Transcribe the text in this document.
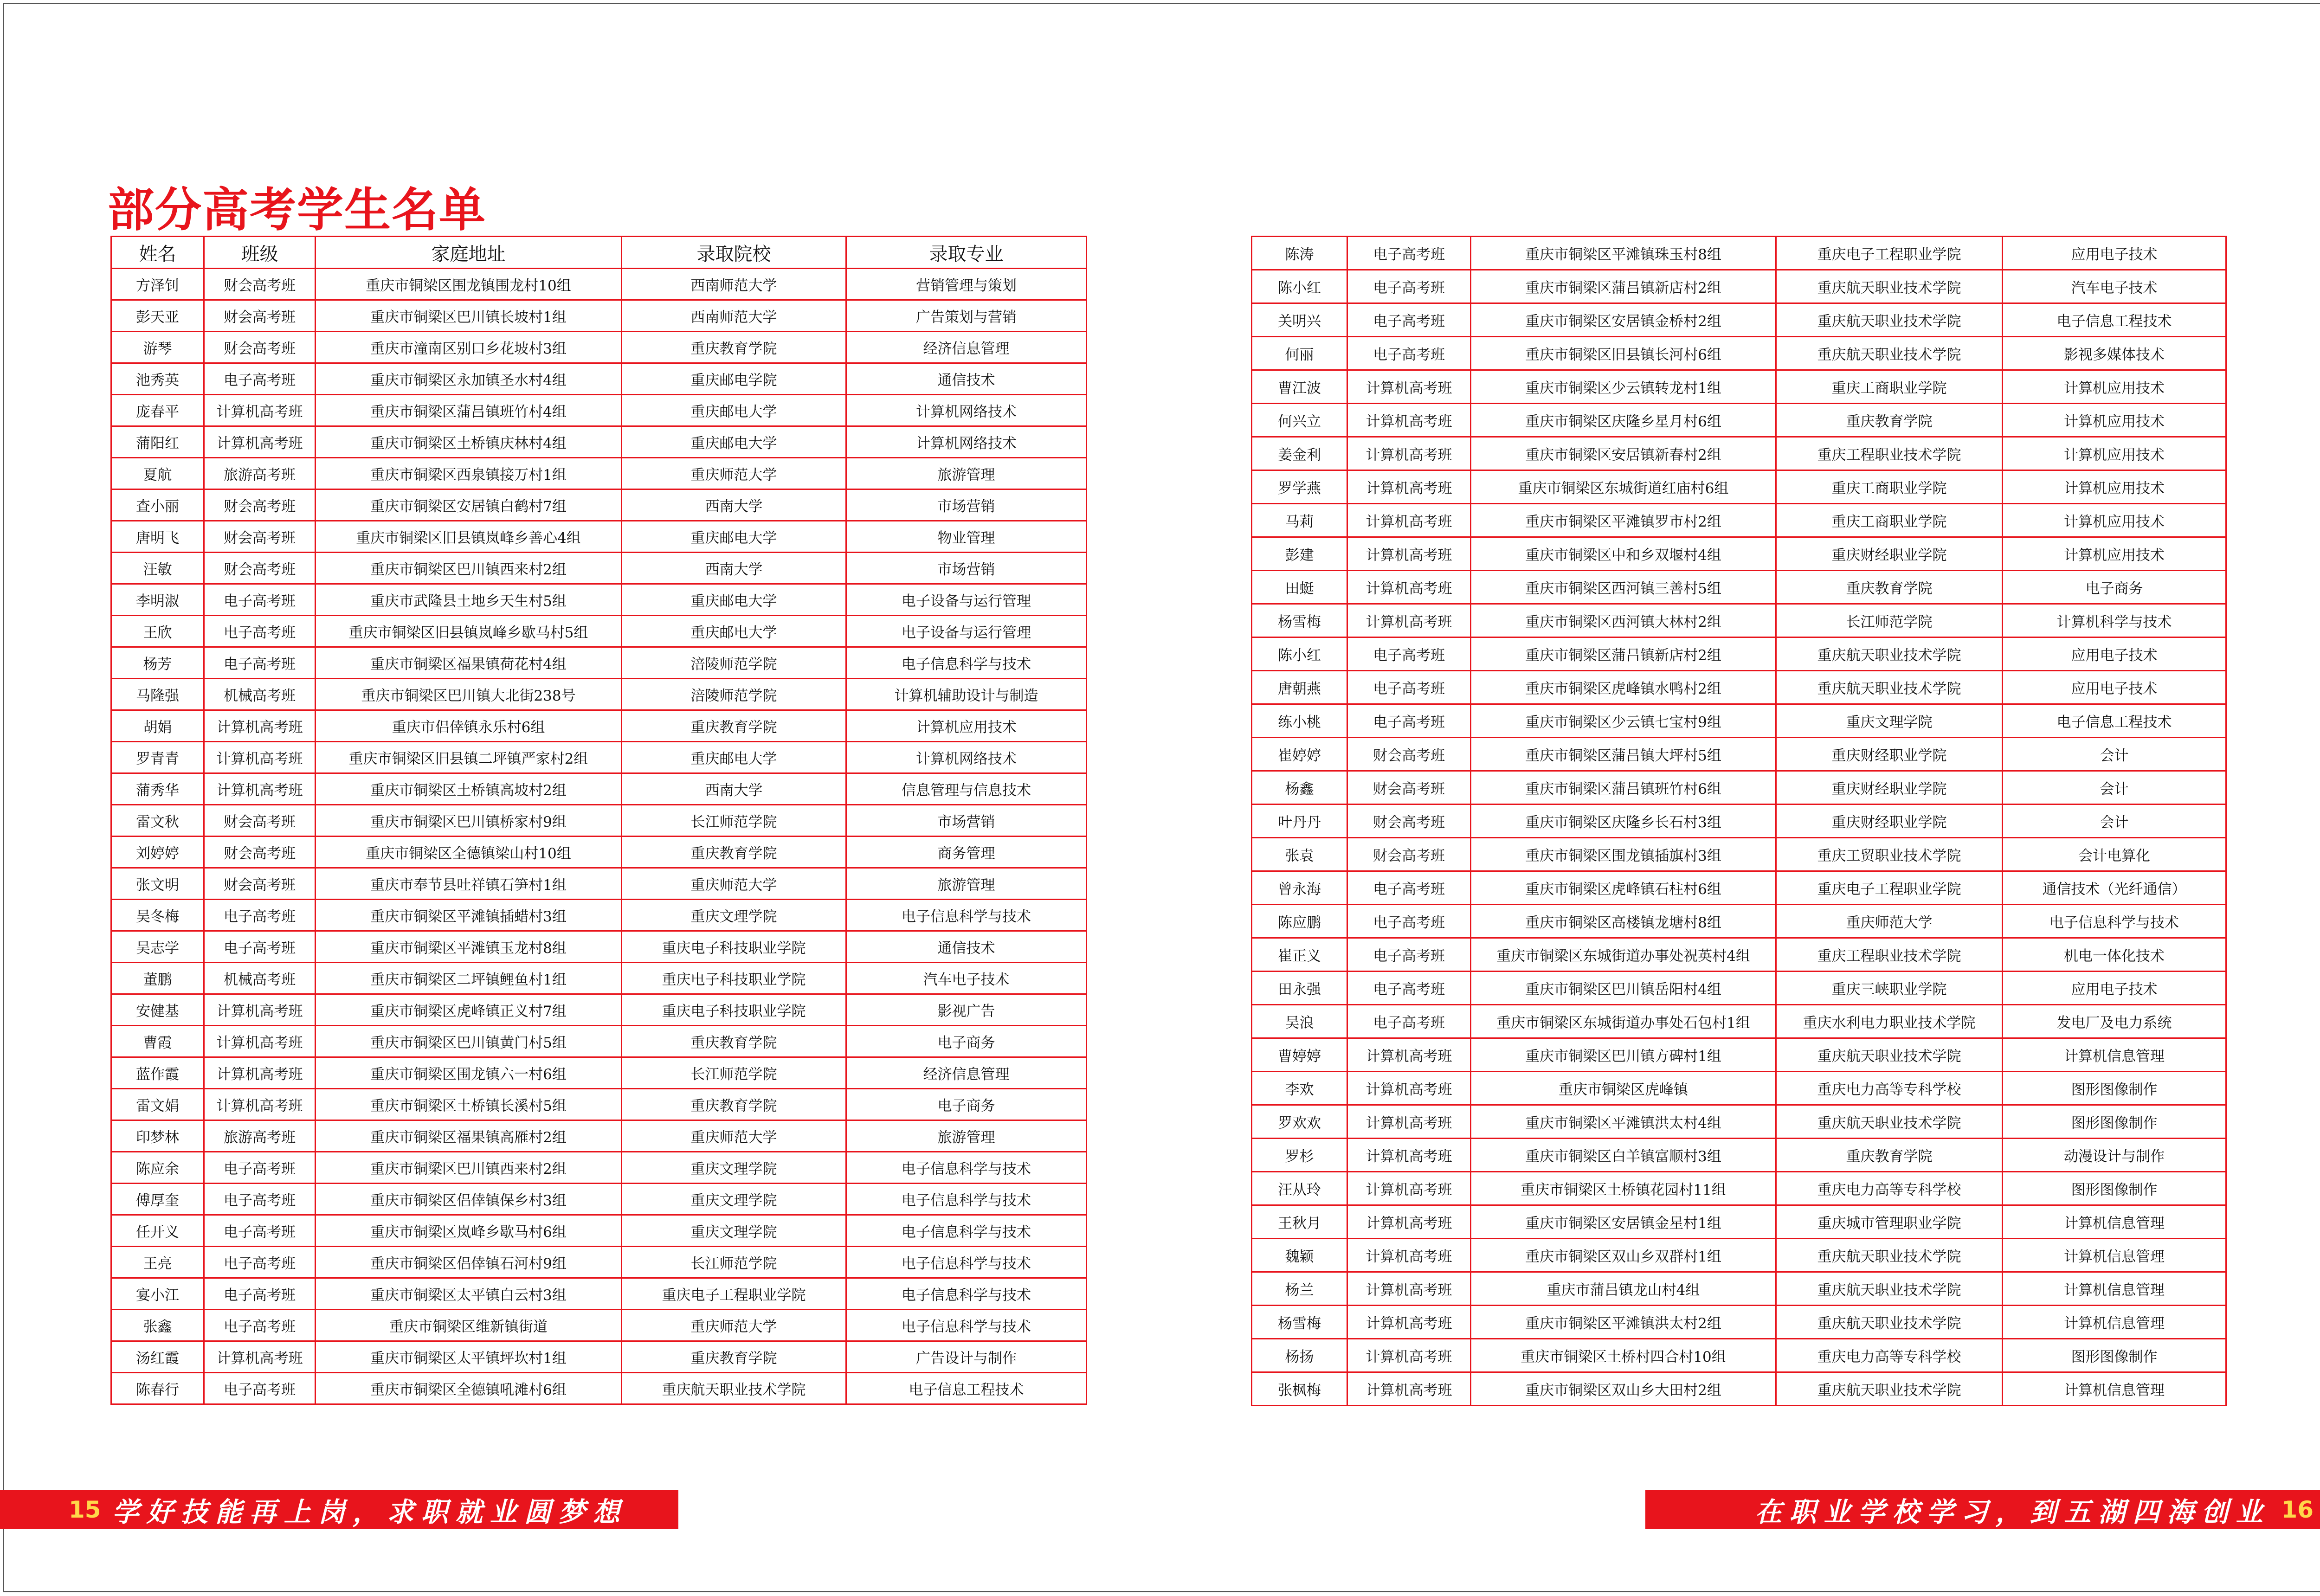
部分高考学生名单
姓名	班级	家庭地址	录取院校	录取专业
方泽钊	财会高考班	重庆市铜梁区围龙镇围龙村10组	西南师范大学	营销管理与策划
彭天亚	财会高考班	重庆市铜梁区巴川镇长坡村1组	西南师范大学	广告策划与营销
游琴	财会高考班	重庆市潼南区别口乡花坡村3组	重庆教育学院	经济信息管理
池秀英	电子高考班	重庆市铜梁区永加镇圣水村4组	重庆邮电学院	通信技术
庞春平	计算机高考班	重庆市铜梁区蒲吕镇班竹村4组	重庆邮电大学	计算机网络技术
蒲阳红	计算机高考班	重庆市铜梁区土桥镇庆林村4组	重庆邮电大学	计算机网络技术
夏航	旅游高考班	重庆市铜梁区西泉镇接万村1组	重庆师范大学	旅游管理
查小丽	财会高考班	重庆市铜梁区安居镇白鹤村7组	西南大学	市场营销
唐明飞	财会高考班	重庆市铜梁区旧县镇岚峰乡善心4组	重庆邮电大学	物业管理
汪敏	财会高考班	重庆市铜梁区巴川镇西来村2组	西南大学	市场营销
李明淑	电子高考班	重庆市武隆县土地乡天生村5组	重庆邮电大学	电子设备与运行管理
王欣	电子高考班	重庆市铜梁区旧县镇岚峰乡歇马村5组	重庆邮电大学	电子设备与运行管理
杨芳	电子高考班	重庆市铜梁区福果镇荷花村4组	涪陵师范学院	电子信息科学与技术
马隆强	机械高考班	重庆市铜梁区巴川镇大北街238号	涪陵师范学院	计算机辅助设计与制造
胡娟	计算机高考班	重庆市侣倖镇永乐村6组	重庆教育学院	计算机应用技术
罗青青	计算机高考班	重庆市铜梁区旧县镇二坪镇严家村2组	重庆邮电大学	计算机网络技术
蒲秀华	计算机高考班	重庆市铜梁区土桥镇高坡村2组	西南大学	信息管理与信息技术
雷文秋	财会高考班	重庆市铜梁区巴川镇桥家村9组	长江师范学院	市场营销
刘婷婷	财会高考班	重庆市铜梁区全德镇梁山村10组	重庆教育学院	商务管理
张文明	财会高考班	重庆市奉节县吐祥镇石笋村1组	重庆师范大学	旅游管理
吴冬梅	电子高考班	重庆市铜梁区平滩镇插蜡村3组	重庆文理学院	电子信息科学与技术
吴志学	电子高考班	重庆市铜梁区平滩镇玉龙村8组	重庆电子科技职业学院	通信技术
董鹏	机械高考班	重庆市铜梁区二坪镇鲤鱼村1组	重庆电子科技职业学院	汽车电子技术
安健基	计算机高考班	重庆市铜梁区虎峰镇正义村7组	重庆电子科技职业学院	影视广告
曹霞	计算机高考班	重庆市铜梁区巴川镇黄门村5组	重庆教育学院	电子商务
蓝作霞	计算机高考班	重庆市铜梁区围龙镇六一村6组	长江师范学院	经济信息管理
雷文娟	计算机高考班	重庆市铜梁区土桥镇长溪村5组	重庆教育学院	电子商务
印梦林	旅游高考班	重庆市铜梁区福果镇高雁村2组	重庆师范大学	旅游管理
陈应余	电子高考班	重庆市铜梁区巴川镇西来村2组	重庆文理学院	电子信息科学与技术
傅厚奎	电子高考班	重庆市铜梁区侣倖镇保乡村3组	重庆文理学院	电子信息科学与技术
任开义	电子高考班	重庆市铜梁区岚峰乡歇马村6组	重庆文理学院	电子信息科学与技术
王亮	电子高考班	重庆市铜梁区侣倖镇石河村9组	长江师范学院	电子信息科学与技术
宴小江	电子高考班	重庆市铜梁区太平镇白云村3组	重庆电子工程职业学院	电子信息科学与技术
张鑫	电子高考班	重庆市铜梁区维新镇街道	重庆师范大学	电子信息科学与技术
汤红霞	计算机高考班	重庆市铜梁区太平镇坪坎村1组	重庆教育学院	广告设计与制作
陈春行	电子高考班	重庆市铜梁区全德镇吼滩村6组	重庆航天职业技术学院	电子信息工程技术
陈涛	电子高考班	重庆市铜梁区平滩镇珠玉村8组	重庆电子工程职业学院	应用电子技术
陈小红	电子高考班	重庆市铜梁区蒲吕镇新店村2组	重庆航天职业技术学院	汽车电子技术
关明兴	电子高考班	重庆市铜梁区安居镇金桥村2组	重庆航天职业技术学院	电子信息工程技术
何丽	电子高考班	重庆市铜梁区旧县镇长河村6组	重庆航天职业技术学院	影视多媒体技术
曹江波	计算机高考班	重庆市铜梁区少云镇转龙村1组	重庆工商职业学院	计算机应用技术
何兴立	计算机高考班	重庆市铜梁区庆隆乡星月村6组	重庆教育学院	计算机应用技术
姜金利	计算机高考班	重庆市铜梁区安居镇新春村2组	重庆工程职业技术学院	计算机应用技术
罗学燕	计算机高考班	重庆市铜梁区东城街道红庙村6组	重庆工商职业学院	计算机应用技术
马莉	计算机高考班	重庆市铜梁区平滩镇罗市村2组	重庆工商职业学院	计算机应用技术
彭建	计算机高考班	重庆市铜梁区中和乡双堰村4组	重庆财经职业学院	计算机应用技术
田蜓	计算机高考班	重庆市铜梁区西河镇三善村5组	重庆教育学院	电子商务
杨雪梅	计算机高考班	重庆市铜梁区西河镇大林村2组	长江师范学院	计算机科学与技术
陈小红	电子高考班	重庆市铜梁区蒲吕镇新店村2组	重庆航天职业技术学院	应用电子技术
唐朝燕	电子高考班	重庆市铜梁区虎峰镇水鸭村2组	重庆航天职业技术学院	应用电子技术
练小桃	电子高考班	重庆市铜梁区少云镇七宝村9组	重庆文理学院	电子信息工程技术
崔婷婷	财会高考班	重庆市铜梁区蒲吕镇大坪村5组	重庆财经职业学院	会计
杨鑫	财会高考班	重庆市铜梁区蒲吕镇班竹村6组	重庆财经职业学院	会计
叶丹丹	财会高考班	重庆市铜梁区庆隆乡长石村3组	重庆财经职业学院	会计
张袁	财会高考班	重庆市铜梁区围龙镇插旗村3组	重庆工贸职业技术学院	会计电算化
曾永海	电子高考班	重庆市铜梁区虎峰镇石柱村6组	重庆电子工程职业学院	通信技术（光纤通信）
陈应鹏	电子高考班	重庆市铜梁区高楼镇龙塘村8组	重庆师范大学	电子信息科学与技术
崔正义	电子高考班	重庆市铜梁区东城街道办事处祝英村4组	重庆工程职业技术学院	机电一体化技术
田永强	电子高考班	重庆市铜梁区巴川镇岳阳村4组	重庆三峡职业学院	应用电子技术
吴浪	电子高考班	重庆市铜梁区东城街道办事处石包村1组	重庆水利电力职业技术学院	发电厂及电力系统
曹婷婷	计算机高考班	重庆市铜梁区巴川镇方碑村1组	重庆航天职业技术学院	计算机信息管理
李欢	计算机高考班	重庆市铜梁区虎峰镇	重庆电力高等专科学校	图形图像制作
罗欢欢	计算机高考班	重庆市铜梁区平滩镇洪太村4组	重庆航天职业技术学院	图形图像制作
罗杉	计算机高考班	重庆市铜梁区白羊镇富顺村3组	重庆教育学院	动漫设计与制作
汪从玲	计算机高考班	重庆市铜梁区土桥镇花园村11组	重庆电力高等专科学校	图形图像制作
王秋月	计算机高考班	重庆市铜梁区安居镇金星村1组	重庆城市管理职业学院	计算机信息管理
魏颖	计算机高考班	重庆市铜梁区双山乡双群村1组	重庆航天职业技术学院	计算机信息管理
杨兰	计算机高考班	重庆市蒲吕镇龙山村4组	重庆航天职业技术学院	计算机信息管理
杨雪梅	计算机高考班	重庆市铜梁区平滩镇洪太村2组	重庆航天职业技术学院	计算机信息管理
杨扬	计算机高考班	重庆市铜梁区土桥村四合村10组	重庆电力高等专科学校	图形图像制作
张枫梅	计算机高考班	重庆市铜梁区双山乡大田村2组	重庆航天职业技术学院	计算机信息管理
15 学好技能再上岗，求职就业圆梦想	在职业学校学习，到五湖四海创业 16
